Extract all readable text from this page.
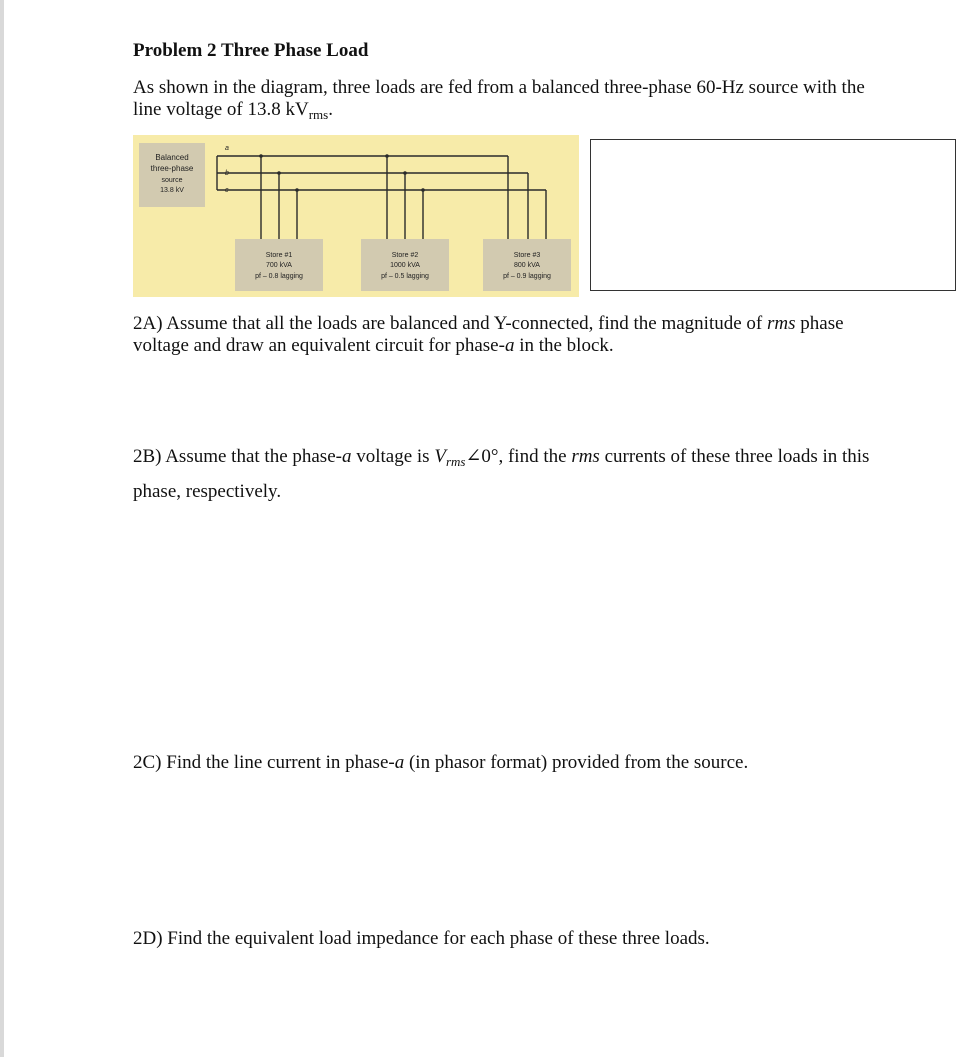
Problem 2 Three Phase Load
As shown in the diagram, three loads are fed from a balanced three-phase 60-Hz source with the
line voltage of 13.8 $kV_{rms}$.
Balanced
three-phase
source
13.8 kV
a
b
c
Store #1
700 kVA
pf – 0.8 lagging
Store #2
1000 kVA
pf – 0.5 lagging
Store #3
800 kVA
pf – 0.9 lagging
2A) Assume that all the loads are balanced and Y-connected, find the magnitude of rms phase
voltage and draw an equivalent circuit for phase-a in the block.
2B) Assume that the phase-a voltage is $V_{rms}\angle 0^\circ$, find the rms currents of these three loads in this
phase, respectively.
2C) Find the line current in phase-a (in phasor format) provided from the source.
2D) Find the equivalent load impedance for each phase of these three loads.
